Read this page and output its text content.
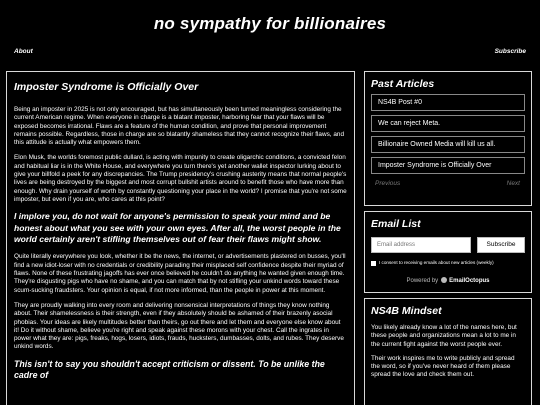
no sympathy for billionaires
About	Subscribe
Imposter Syndrome is Officially Over

Being an imposter in 2025 is not only encouraged, but has simultaneously been turned meaningless considering the current American regime. When everyone in charge is a blatant imposter, harboring fear that your flaws will be exposed becomes irrational. Flaws are a feature of the human condition, and prove that personal improvement remains possible. Regardless, those in charge are so blatantly shameless that they cannot recognize their flaws, and this attitude is actually what empowers them.

Elon Musk, the worlds foremost public dullard, is acting with impunity to create oligarchic conditions, a convicted felon and habitual liar is in the White House, and everywhere you turn there's yet another wallet inspector lurking about to give your billfold a peek for any discrepancies. The Trump presidency's crushing austerity means that normal people's lives are being destroyed by the biggest and most corrupt bullshit artists around to benefit those who have more than enough. Why drain yourself of worth by constantly questioning your place in the world? I promise that you're not some imposter, but even if you are, who cares at this point?

I implore you, do not wait for anyone's permission to speak your mind and be honest about what you see with your own eyes. After all, the worst people in the world certainly aren't stifling themselves out of fear their flaws might show.

Quite literally everywhere you look, whether it be the news, the internet, or advertisements plastered on busses, you'll find a new idiot-loser with no credentials or credibility parading their misplaced self confidence despite their myriad of flaws. None of these frustrating jagoffs has ever once believed he couldn't do anything he wanted given enough time. They're disgusting pigs who have no shame, and you can match that by not stifling your unkind words toward these scum-sucking fraudsters. Your opinion is equal, if not more informed, than the people in power at this moment.

They are proudly walking into every room and delivering nonsensical interpretations of things they know nothing about. Their shamelessness is their strength, even if they absolutely should be ashamed of their brazenly asocial phobias. Your ideas are likely multitudes better than theirs, go out there and let them and everyone else know about it! Do it without shame, believe you're right and speak against these morons with your chest. Call the ingrates in power what they are: pigs, freaks, hogs, losers, idiots, frauds, hucksters, dumbasses, dolts, and rubes. They deserve unkind words.

This isn't to say you shouldn't accept criticism or dissent. To be unlike the cadre of

Past Articles
NS4B Post #0
We can reject Meta.
Billionaire Owned Media will kill us all.
Imposter Syndrome is Officially Over
Previous	Next
Email List
Email address	Subscribe
I consent to receiving emails about new articles (weekly)
Powered by EmailOctopus
NS4B Mindset

You likely already know a lot of the names here, but these people and organizations mean a lot to me in the current fight against the worst people ever.

Their work inspires me to write publicly and spread the word, so if you've never heard of them please spread the love and check them out.
